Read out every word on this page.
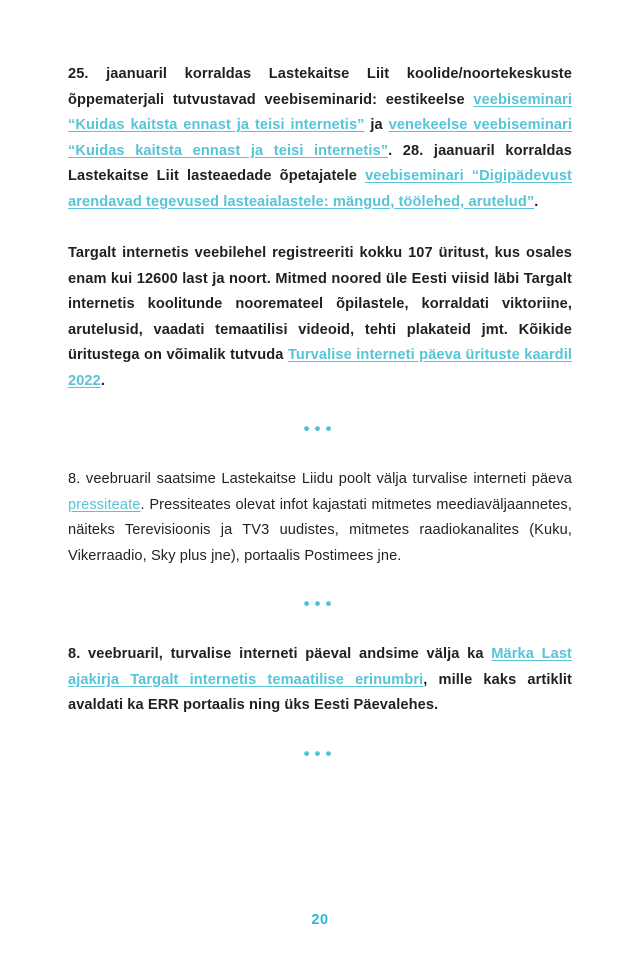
25. jaanuaril korraldas Lastekaitse Liit koolide/noortekeskuste õppematerjali tutvustavad veebiseminarid: eestikeelse veebiseminari “Kuidas kaitsta ennast ja teisi internetis” ja venekeelse veebiseminari “Kuidas kaitsta ennast ja teisi internetis”. 28. jaanuaril korraldas Lastekaitse Liit lasteaedade õpetajatele veebiseminari “Digipädevust arendavad tegevused lasteaialastele: mängud, töölehed, arutelud”.

Targalt internetis veebilehel registreeriti kokku 107 üritust, kus osales enam kui 12600 last ja noort. Mitmed noored üle Eesti viisid läbi Targalt internetis koolitunde nooremateel õpilastele, korraldati viktoriine, arutelusid, vaadati temaatilisi videoid, tehti plakateid jmt. Kõikide üritustega on võimalik tutvuda Turvalise interneti päeva ürituste kaardil 2022.

•••

8. veebruaril saatsime Lastekaitse Liidu poolt välja turvalise interneti päeva pressiteate. Pressiteates olevat infot kajastati mitmetes meediaväljaannetes, näiteks Terevisioonis ja TV3 uudistes, mitmetes raadiokanalites (Kuku, Vikerraadio, Sky plus jne), portaalis Postimees jne.

•••

8. veebruaril, turvalise interneti päeval andsime välja ka Märka Last ajakirja Targalt internetis temaatilise erinumbri, mille kaks artiklit avaldati ka ERR portaalis ning üks Eesti Päevalehes.

•••
20
